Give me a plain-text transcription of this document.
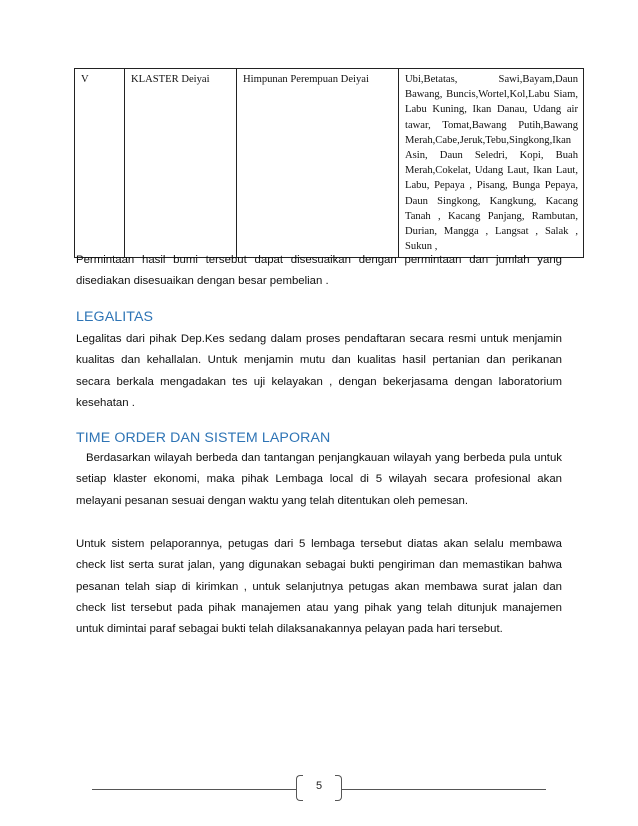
V	KLASTER Deiyai	Himpunan Perempuan Deiyai	Ubi,Betatas, Sawi,Bayam,Daun Bawang, Buncis,Wortel,Kol,Labu Siam, Labu Kuning, Ikan Danau, Udang air tawar, Tomat,Bawang Putih,Bawang Merah,Cabe,Jeruk,Tebu,Singkong,Ikan Asin, Daun Seledri, Kopi, Buah Merah,Cokelat, Udang Laut, Ikan Laut, Labu, Pepaya , Pisang, Bunga Pepaya, Daun Singkong, Kangkung, Kacang Tanah , Kacang Panjang, Rambutan, Durian, Mangga , Langsat , Salak , Sukun ,
Permintaan hasil bumi tersebut dapat disesuaikan dengan permintaan dan jumlah yang disediakan disesuaikan dengan besar pembelian .
LEGALITAS
Legalitas dari pihak Dep.Kes sedang dalam proses pendaftaran secara resmi untuk menjamin kualitas dan kehallalan. Untuk menjamin mutu dan kualitas hasil pertanian dan perikanan secara berkala mengadakan tes uji kelayakan , dengan bekerjasama dengan laboratorium kesehatan .
TIME ORDER DAN SISTEM LAPORAN
Berdasarkan wilayah berbeda dan tantangan penjangkauan wilayah yang berbeda pula untuk setiap klaster ekonomi, maka pihak Lembaga local di 5 wilayah secara profesional akan melayani pesanan sesuai dengan waktu yang telah ditentukan oleh pemesan.
Untuk sistem pelaporannya, petugas dari 5 lembaga tersebut diatas akan selalu membawa check list serta surat jalan, yang digunakan sebagai bukti pengiriman dan memastikan bahwa pesanan telah siap di kirimkan , untuk selanjutnya petugas akan membawa surat jalan dan check list tersebut pada pihak manajemen atau yang pihak yang telah ditunjuk manajemen untuk dimintai paraf sebagai bukti telah dilaksanakannya pelayan pada hari tersebut.
5
